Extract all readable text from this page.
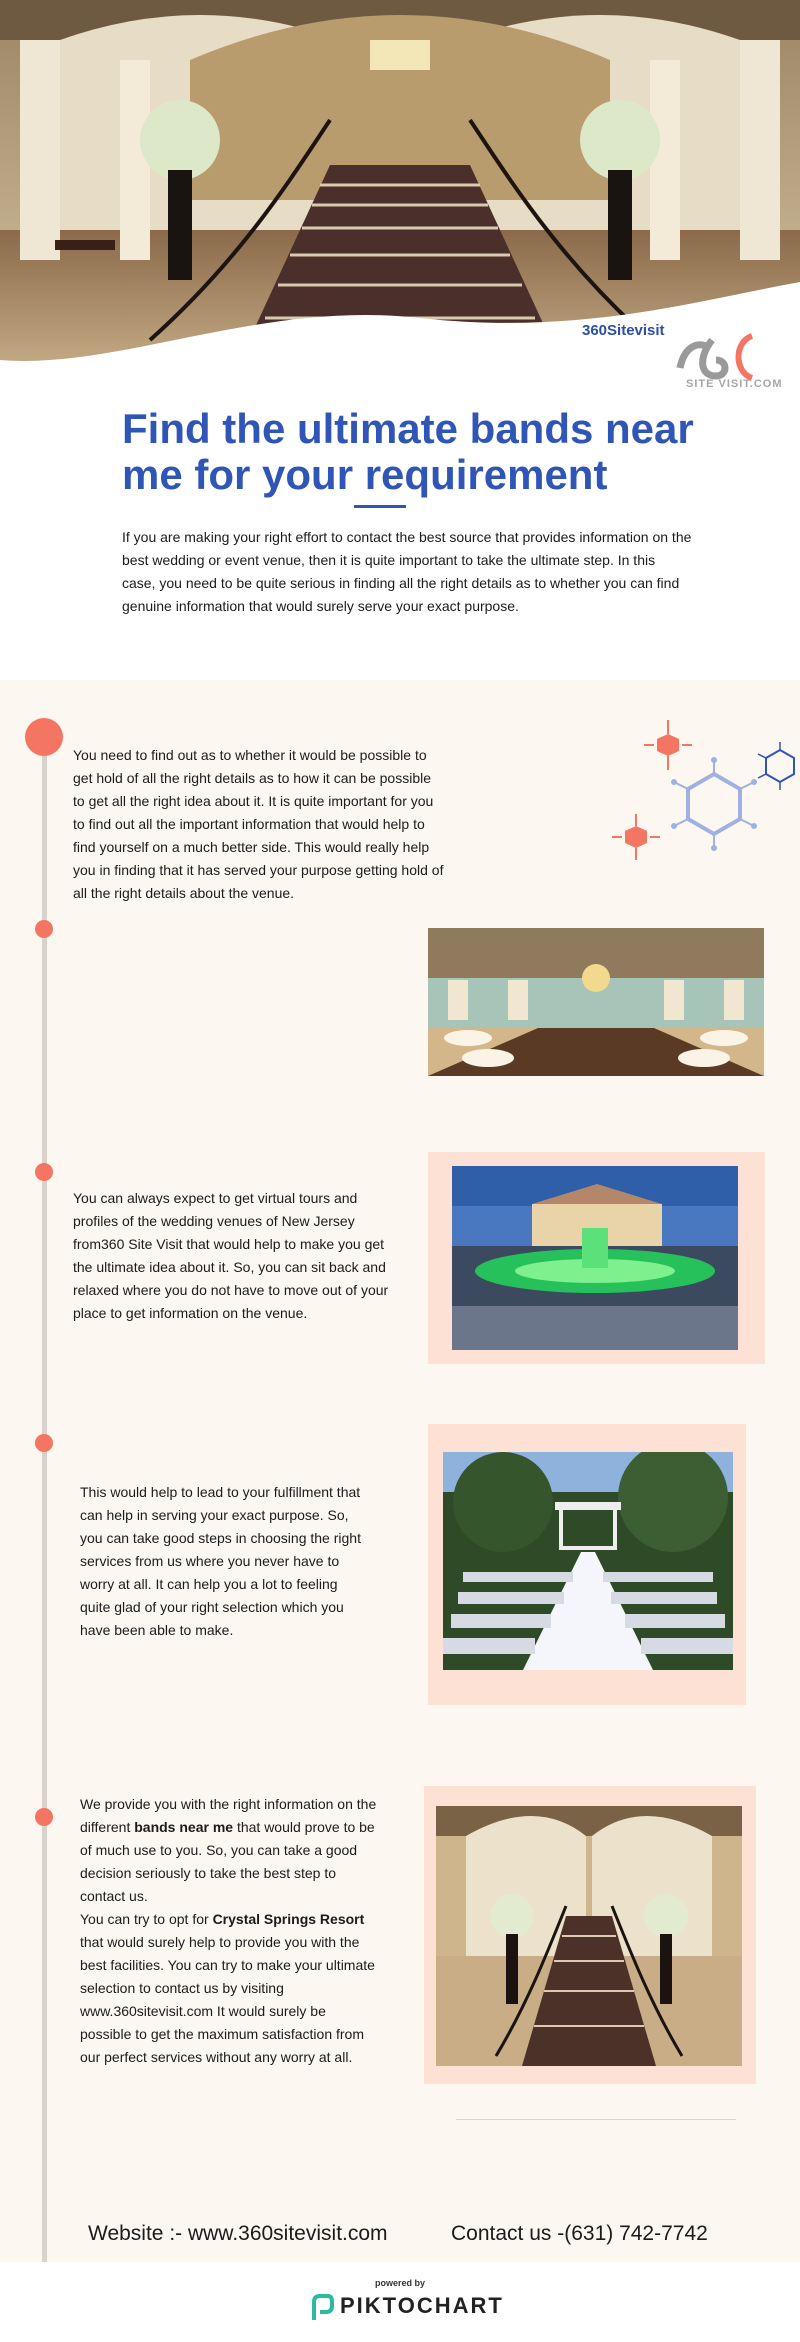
360Sitevisit
SITE VISIT.COM
Find the ultimate bands near me for your requirement

If you are making your right effort to contact the best source that provides information on the best wedding or event venue, then it is quite important to take the ultimate step. In this case, you need to be quite serious in finding all the right details as to whether you can find genuine information that would surely serve your exact purpose.

You need to find out as to whether it would be possible to get hold of all the right details as to how it can be possible to get all the right idea about it. It is quite important for you to find out all the important information that would help to find yourself on a much better side. This would really help you in finding that it has served your purpose getting hold of all the right details about the venue.

You can always expect to get virtual tours and profiles of the wedding venues of New Jersey from360 Site Visit that would help to make you get the ultimate idea about it. So, you can sit back and relaxed where you do not have to move out of your place to get information on the venue.

This would help to lead to your fulfillment that can help in serving your exact purpose. So, you can take good steps in choosing the right services from us where you never have to worry at all. It can help you a lot to feeling quite glad of your right selection which you have been able to make.

We provide you with the right information on the different bands near me that would prove to be of much use to you. So, you can take a good decision seriously to take the best step to contact us.
You can try to opt for Crystal Springs Resort that would surely help to provide you with the best facilities. You can try to make your ultimate selection to contact us by visiting www.360sitevisit.com It would surely be possible to get the maximum satisfaction from our perfect services without any worry at all.

Website :- www.360sitevisit.com	Contact us -(631) 742-7742
powered by
PIKTOCHART
